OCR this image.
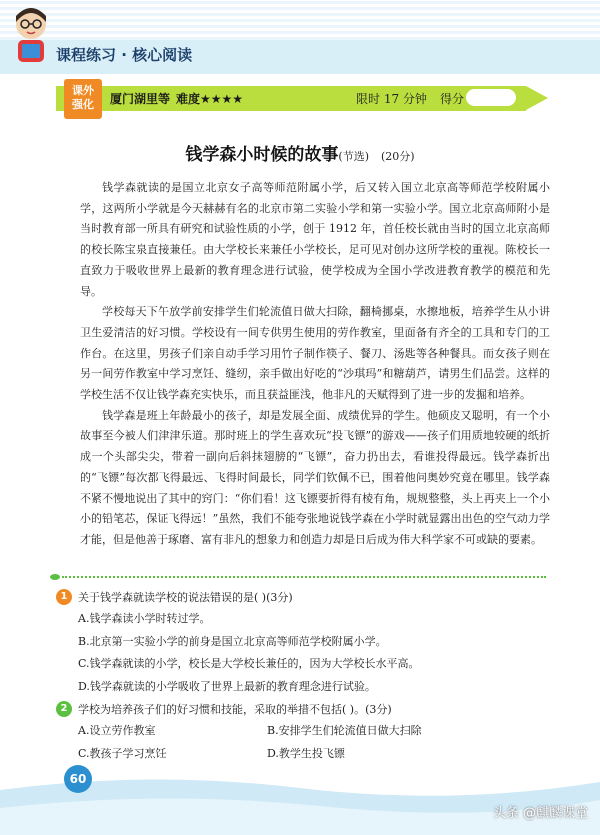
课程练习 · 核心阅读
课外
强化	厦门湖里等 难度★★★★	限时 17 分钟 得分
钱学森小时候的故事(节选) (20分)

钱学森就读的是国立北京女子高等师范附属小学，后又转入国立北京高等师范学校附属小学，这两所小学就是今天赫赫有名的北京市第二实验小学和第一实验小学。国立北京高师附小是当时教育部一所具有研究和试验性质的小学，创于 1912 年，首任校长就由当时的国立北京高师的校长陈宝泉直接兼任。由大学校长来兼任小学校长，足可见对创办这所学校的重视。陈校长一直致力于吸收世界上最新的教育理念进行试验，使学校成为全国小学改进教育教学的模范和先导。

学校每天下午放学前安排学生们轮流值日做大扫除，翻椅挪桌，水擦地板，培养学生从小讲卫生爱清洁的好习惯。学校设有一间专供男生使用的劳作教室，里面备有齐全的工具和专门的工作台。在这里，男孩子们亲自动手学习用竹子制作筷子、餐刀、汤匙等各种餐具。而女孩子则在另一间劳作教室中学习烹饪、缝纫，亲手做出好吃的“沙琪玛”和糖葫芦，请男生们品尝。这样的学校生活不仅让钱学森充实快乐，而且获益匪浅，他非凡的天赋得到了进一步的发掘和培养。

钱学森是班上年龄最小的孩子，却是发展全面、成绩优异的学生。他硕皮又聪明，有一个小故事至今被人们津津乐道。那时班上的学生喜欢玩“投飞镖”的游戏——孩子们用质地较硬的纸折成一个头部尖尖，带着一副向后斜抹翅膀的“飞镖”，奋力扔出去，看谁投得最远。钱学森折出的“飞镖”每次都飞得最远、飞得时间最长，同学们钦佩不已，围着他问奥妙究竟在哪里。钱学森不紧不慢地说出了其中的窍门：“你们看！这飞镖要折得有棱有角，规规整整，头上再夹上一个小小的铅笔芯，保证飞得远！”虽然，我们不能夸张地说钱学森在小学时就显露出出色的空气动力学才能，但是他善于琢磨、富有非凡的想象力和创造力却是日后成为伟大科学家不可或缺的要素。

1 关于钱学森就读学校的说法错误的是( )(3分)
A.钱学森读小学时转过学。
B.北京第一实验小学的前身是国立北京高等师范学校附属小学。
C.钱学森就读的小学，校长是大学校长兼任的，因为大学校长水平高。
D.钱学森就读的小学吸收了世界上最新的教育理念进行试验。
2 学校为培养孩子们的好习惯和技能，采取的举措不包括( )。(3分)
A.设立劳作教室	B.安排学生们轮流值日做大扫除
C.教孩子学习烹饪	D.教学生投飞镖
60
头条 @麒麟课堂
